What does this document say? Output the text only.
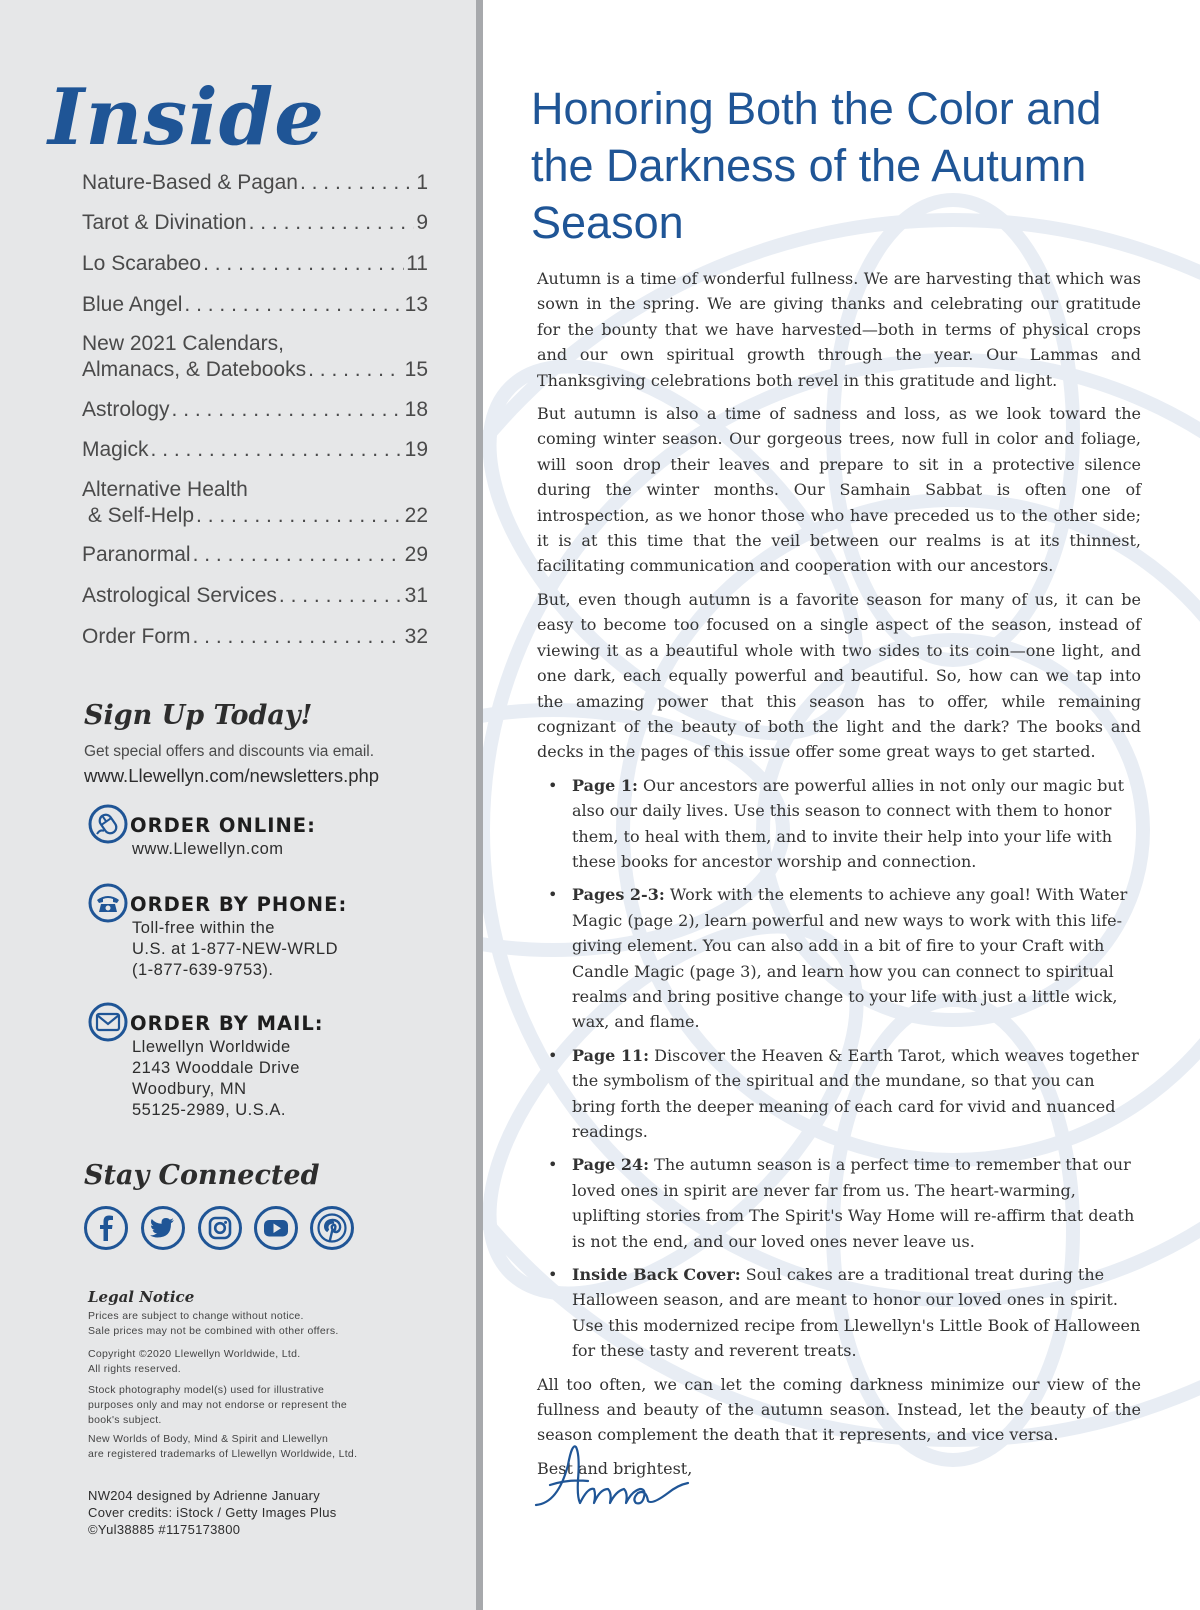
Inside
Nature-Based & Pagan . . .	1
Tarot & Divination . . .	9
Lo Scarabeo . . .	11
Blue Angel . . .	13
New 2021 Calendars,
Almanacs, & Datebooks . . .	15
Astrology . . .	18
Magick . . .	19
Alternative Health
& Self-Help . . .	22
Paranormal . . .	29
Astrological Services . . .	31
Order Form . . .	32
Sign Up Today!
Get special offers and discounts via email.
www.Llewellyn.com/newsletters.php
ORDER ONLINE:
www.Llewellyn.com
ORDER BY PHONE:
Toll-free within the
U.S. at 1-877-NEW-WRLD
(1-877-639-9753).
ORDER BY MAIL:
Llewellyn Worldwide
2143 Wooddale Drive
Woodbury, MN
55125-2989, U.S.A.
Stay Connected
Legal Notice
Prices are subject to change without notice.
Sale prices may not be combined with other offers.
Copyright ©2020 Llewellyn Worldwide, Ltd.
All rights reserved.
Stock photography model(s) used for illustrative
purposes only and may not endorse or represent the
book's subject.
New Worlds of Body, Mind & Spirit and Llewellyn
are registered trademarks of Llewellyn Worldwide, Ltd.
NW204 designed by Adrienne January
Cover credits: iStock / Getty Images Plus
©Yul38885 #1175173800
Honoring Both the Color and the Darkness of the Autumn Season

Autumn is a time of wonderful fullness. We are harvesting that which was sown in the spring. We are giving thanks and celebrating our gratitude for the bounty that we have harvested—both in terms of physical crops and our own spiritual growth through the year. Our Lammas and Thanksgiving celebrations both revel in this gratitude and light.

But autumn is also a time of sadness and loss, as we look toward the coming winter season. Our gorgeous trees, now full in color and foliage, will soon drop their leaves and prepare to sit in a protective silence during the winter months. Our Samhain Sabbat is often one of introspection, as we honor those who have preceded us to the other side; it is at this time that the veil between our realms is at its thinnest, facilitating communication and cooperation with our ancestors.

But, even though autumn is a favorite season for many of us, it can be easy to become too focused on a single aspect of the season, instead of viewing it as a beautiful whole with two sides to its coin—one light, and one dark, each equally powerful and beautiful. So, how can we tap into the amazing power that this season has to offer, while remaining cognizant of the beauty of both the light and the dark? The books and decks in the pages of this issue offer some great ways to get started.

• Page 1: Our ancestors are powerful allies in not only our magic but also our daily lives. Use this season to connect with them to honor them, to heal with them, and to invite their help into your life with these books for ancestor worship and connection.
• Pages 2-3: Work with the elements to achieve any goal! With Water Magic (page 2), learn powerful and new ways to work with this life-giving element. You can also add in a bit of fire to your Craft with Candle Magic (page 3), and learn how you can connect to spiritual realms and bring positive change to your life with just a little wick, wax, and flame.
• Page 11: Discover the Heaven & Earth Tarot, which weaves together the symbolism of the spiritual and the mundane, so that you can bring forth the deeper meaning of each card for vivid and nuanced readings.
• Page 24: The autumn season is a perfect time to remember that our loved ones in spirit are never far from us. The heart-warming, uplifting stories from The Spirit's Way Home will re-affirm that death is not the end, and our loved ones never leave us.
• Inside Back Cover: Soul cakes are a traditional treat during the Halloween season, and are meant to honor our loved ones in spirit. Use this modernized recipe from Llewellyn's Little Book of Halloween for these tasty and reverent treats.

All too often, we can let the coming darkness minimize our view of the fullness and beauty of the autumn season. Instead, let the beauty of the season complement the death that it represents, and vice versa.

Best and brightest,
